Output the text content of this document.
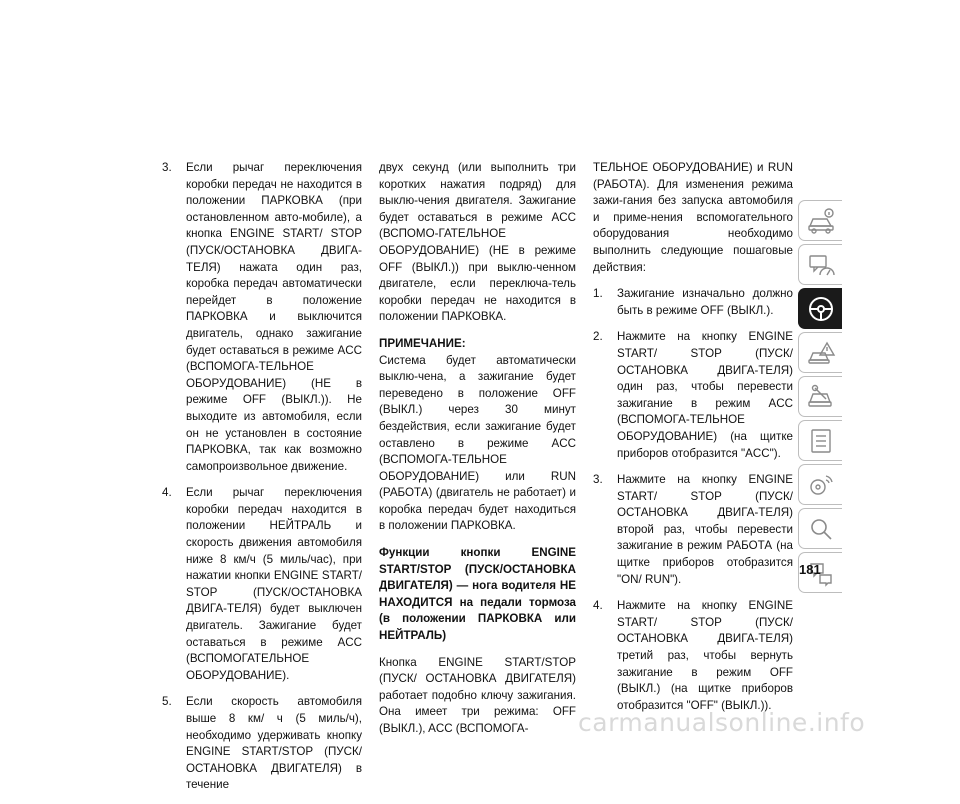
3.	Если рычаг переключения коробки передач не находится в положении ПАРКОВКА (при остановленном авто-мобиле), а кнопка ENGINE START/ STOP (ПУСК/ОСТАНОВКА ДВИГА-ТЕЛЯ) нажата один раз, коробка передач автоматически перейдет в положение ПАРКОВКА и выключится двигатель, однако зажигание будет оставаться в режиме ACC (ВСПОМОГА-ТЕЛЬНОЕ ОБОРУДОВАНИЕ) (НЕ в режиме OFF (ВЫКЛ.)). Не выходите из автомобиля, если он не установлен в состояние ПАРКОВКА, так как возможно самопроизвольное движение.
4.	Если рычаг переключения коробки передач находится в положении НЕЙТРАЛЬ и скорость движения автомобиля ниже 8 км/ч (5 миль/час), при нажатии кнопки ENGINE START/ STOP (ПУСК/ОСТАНОВКА ДВИГА-ТЕЛЯ) будет выключен двигатель. Зажигание будет оставаться в режиме ACC (ВСПОМОГАТЕЛЬНОЕ ОБОРУДОВАНИЕ).
5.	Если скорость автомобиля выше 8 км/ ч (5 миль/ч), необходимо удерживать кнопку ENGINE START/STOP (ПУСК/ ОСТАНОВКА ДВИГАТЕЛЯ) в течение

двух секунд (или выполнить три коротких нажатия подряд) для выклю-чения двигателя. Зажигание будет оставаться в режиме ACC (ВСПОМО-ГАТЕЛЬНОЕ ОБОРУДОВАНИЕ) (НЕ в режиме OFF (ВЫКЛ.)) при выклю-ченном двигателе, если переключа-тель коробки передач не находится в положении ПАРКОВКА.

ПРИМЕЧАНИЕ:

Система будет автоматически выклю-чена, а зажигание будет переведено в положение OFF (ВЫКЛ.) через 30 минут бездействия, если зажигание будет оставлено в режиме ACC (ВСПОМОГА-ТЕЛЬНОЕ ОБОРУДОВАНИЕ) или RUN (РАБОТА) (двигатель не работает) и коробка передач будет находиться в положении ПАРКОВКА.

Функции кнопки ENGINE START/STOP (ПУСК/ОСТАНОВКА ДВИГАТЕЛЯ) — нога водителя НЕ НАХОДИТСЯ на педали тормоза (в положении ПАРКОВКА или НЕЙТРАЛЬ)

Кнопка ENGINE START/STOP (ПУСК/ ОСТАНОВКА ДВИГАТЕЛЯ) работает подобно ключу зажигания. Она имеет три режима: OFF (ВЫКЛ.), ACC (ВСПОМОГА-

ТЕЛЬНОЕ ОБОРУДОВАНИЕ) и RUN (РАБОТА). Для изменения режима зажи-гания без запуска автомобиля и приме-нения вспомогательного оборудования необходимо выполнить следующие пошаговые действия:

1.	Зажигание изначально должно быть в режиме OFF (ВЫКЛ.).
2.	Нажмите на кнопку ENGINE START/ STOP (ПУСК/ОСТАНОВКА ДВИГА-ТЕЛЯ) один раз, чтобы перевести зажигание в режим ACC (ВСПОМОГА-ТЕЛЬНОЕ ОБОРУДОВАНИЕ) (на щитке приборов отобразится "ACC").
3.	Нажмите на кнопку ENGINE START/ STOP (ПУСК/ОСТАНОВКА ДВИГА-ТЕЛЯ) второй раз, чтобы перевести зажигание в режим РАБОТА (на щитке приборов отобразится "ON/ RUN").
4.	Нажмите на кнопку ENGINE START/ STOP (ПУСК/ОСТАНОВКА ДВИГА-ТЕЛЯ) третий раз, чтобы вернуть зажигание в режим OFF (ВЫКЛ.) (на щитке приборов отобразится "OFF" (ВЫКЛ.)).
181
carmanualsonline.info
